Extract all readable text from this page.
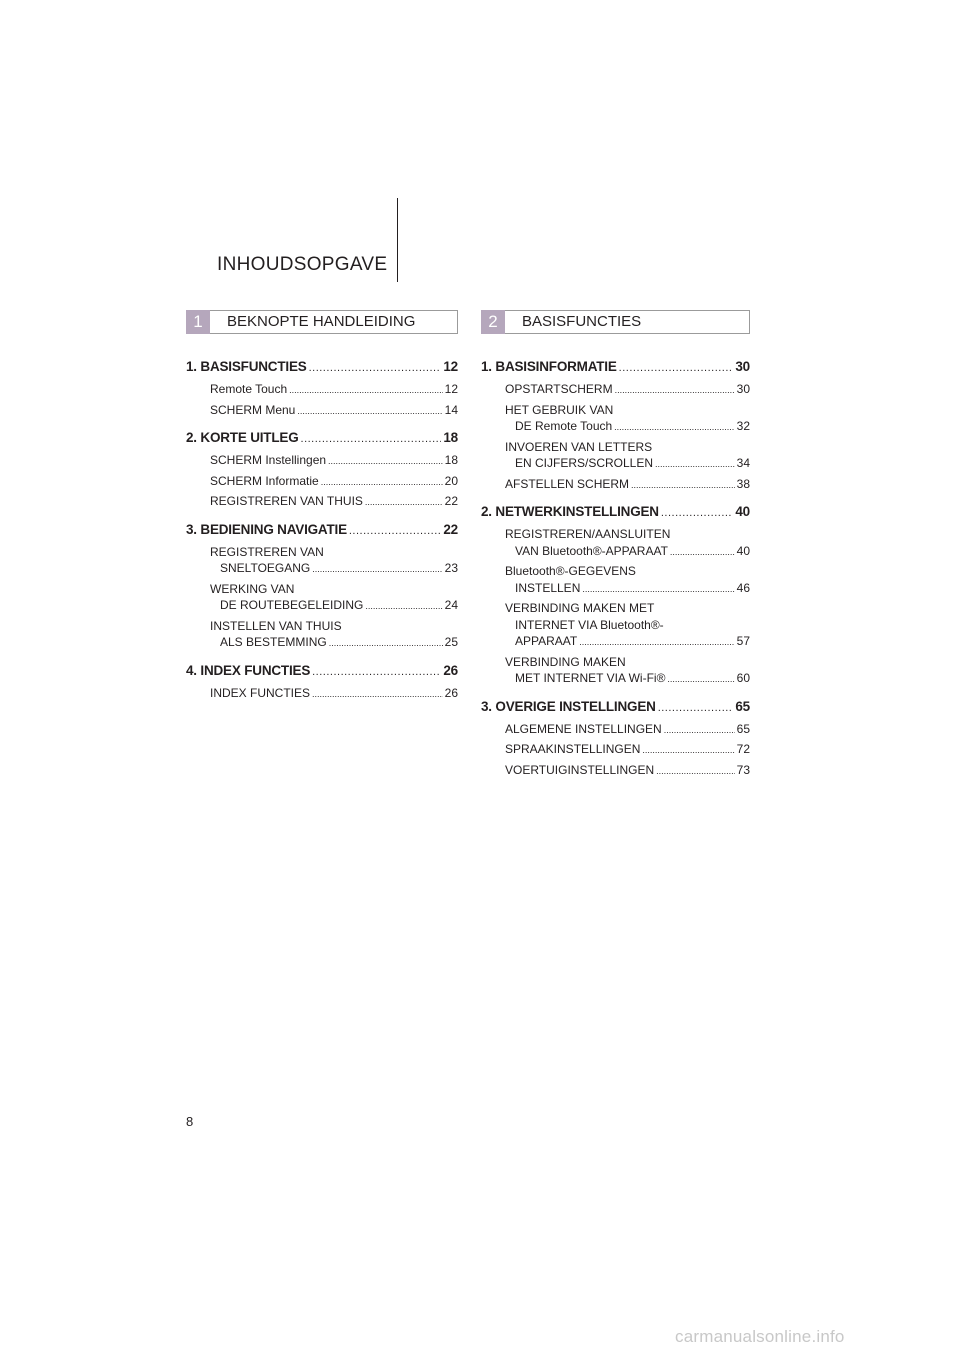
INHOUDSOPGAVE
1	BEKNOPTE HANDLEIDING
1. BASISFUNCTIES .....	12
Remote Touch .....	12
SCHERM Menu .....	14
2. KORTE UITLEG .....	18
SCHERM Instellingen .....	18
SCHERM Informatie .....	20
REGISTREREN VAN THUIS .....	22
3. BEDIENING NAVIGATIE .....	22
REGISTREREN VAN
SNELTOEGANG .....	23
WERKING VAN
DE ROUTEBEGELEIDING .....	24
INSTELLEN VAN THUIS
ALS BESTEMMING .....	25
4. INDEX FUNCTIES .....	26
INDEX FUNCTIES .....	26
2	BASISFUNCTIES
1. BASISINFORMATIE .....	30
OPSTARTSCHERM .....	30
HET GEBRUIK VAN
DE Remote Touch .....	32
INVOEREN VAN LETTERS
EN CIJFERS/SCROLLEN .....	34
AFSTELLEN SCHERM .....	38
2. NETWERKINSTELLINGEN .....	40
REGISTREREN/AANSLUITEN
VAN Bluetooth®-APPARAAT .....	40
Bluetooth®-GEGEVENS
INSTELLEN .....	46
VERBINDING MAKEN MET
INTERNET VIA Bluetooth®-
APPARAAT .....	57
VERBINDING MAKEN
MET INTERNET VIA Wi-Fi® .....	60
3. OVERIGE INSTELLINGEN .....	65
ALGEMENE INSTELLINGEN .....	65
SPRAAKINSTELLINGEN .....	72
VOERTUIGINSTELLINGEN .....	73
8
carmanualsonline.info
